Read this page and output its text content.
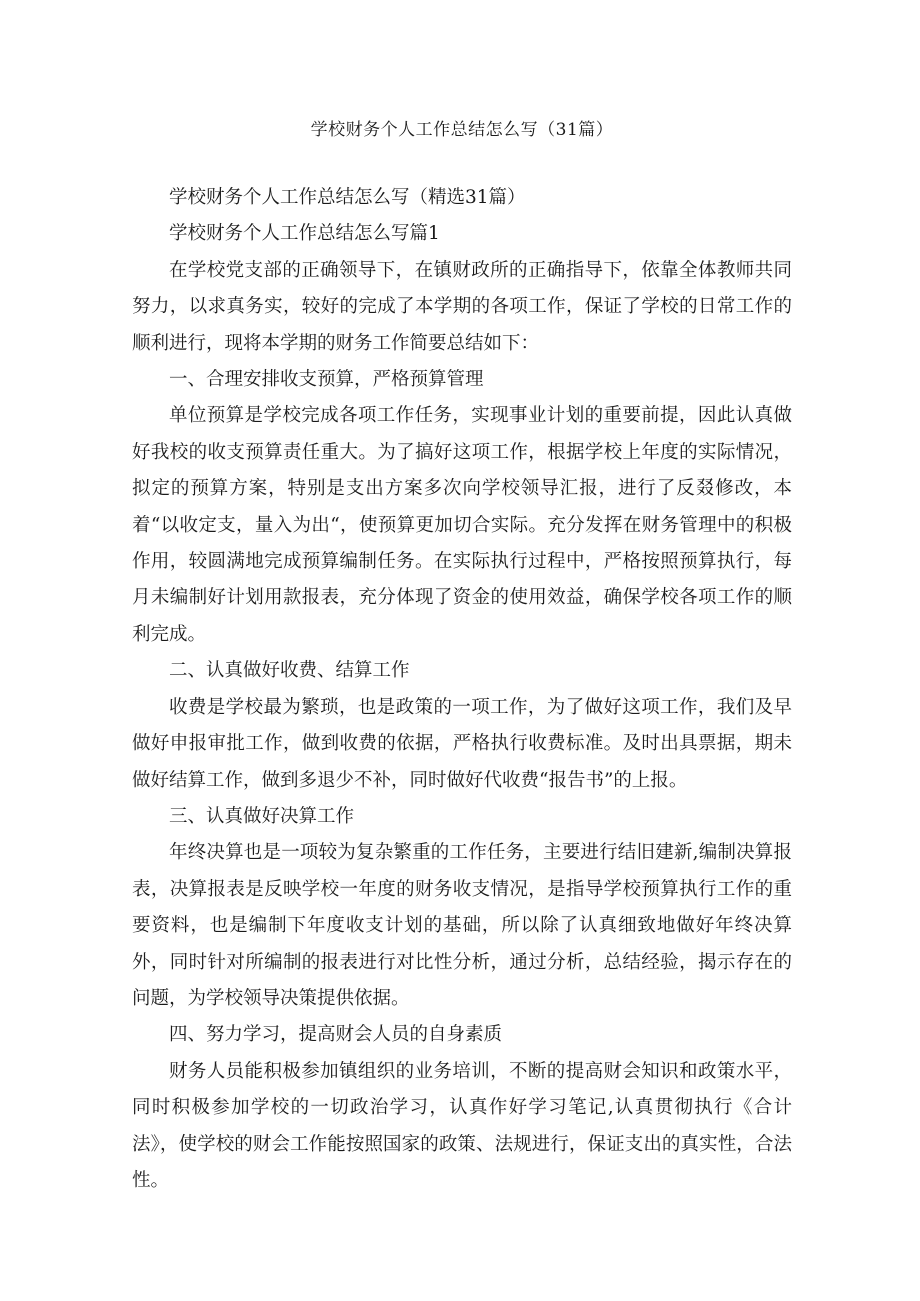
学校财务个人工作总结怎么写（31篇）

学校财务个人工作总结怎么写（精选31篇）

学校财务个人工作总结怎么写篇1

在学校党支部的正确领导下，在镇财政所的正确指导下，依靠全体教师共同努力，以求真务实，较好的完成了本学期的各项工作，保证了学校的日常工作的顺利进行，现将本学期的财务工作简要总结如下：

一、合理安排收支预算，严格预算管理

单位预算是学校完成各项工作任务，实现事业计划的重要前提，因此认真做好我校的收支预算责任重大。为了搞好这项工作，根据学校上年度的实际情况，拟定的预算方案，特别是支出方案多次向学校领导汇报，进行了反叕修改，本着“以收定支，量入为出“，使预算更加切合实际。充分发挥在财务管理中的积极作用，较圆满地完成预算编制任务。在实际执行过程中，严格按照预算执行，每月未编制好计划用款报表，充分体现了资金的使用效益，确保学校各项工作的顺利完成。

二、认真做好收费、结算工作

收费是学校最为繁琐，也是政策的一项工作，为了做好这项工作，我们及早做好申报审批工作，做到收费的依据，严格执行收费标准。及时出具票据，期未做好结算工作，做到多退少不补，同时做好代收费“报告书”的上报。

三、认真做好决算工作

年终决算也是一项较为复杂繁重的工作任务，主要进行结旧建新,编制决算报表，决算报表是反映学校一年度的财务收支情况，是指导学校预算执行工作的重要资料，也是编制下年度收支计划的基础，所以除了认真细致地做好年终决算外，同时针对所编制的报表进行对比性分析，通过分析，总结经验，揭示存在的问题，为学校领导决策提供依据。

四、努力学习，提高财会人员的自身素质

财务人员能积极参加镇组织的业务培训，不断的提高财会知识和政策水平，同时积极参加学校的一切政治学习，认真作好学习笔记,认真贯彻执行《合计法》，使学校的财会工作能按照国家的政策、法规进行，保证支出的真实性，合法性。
